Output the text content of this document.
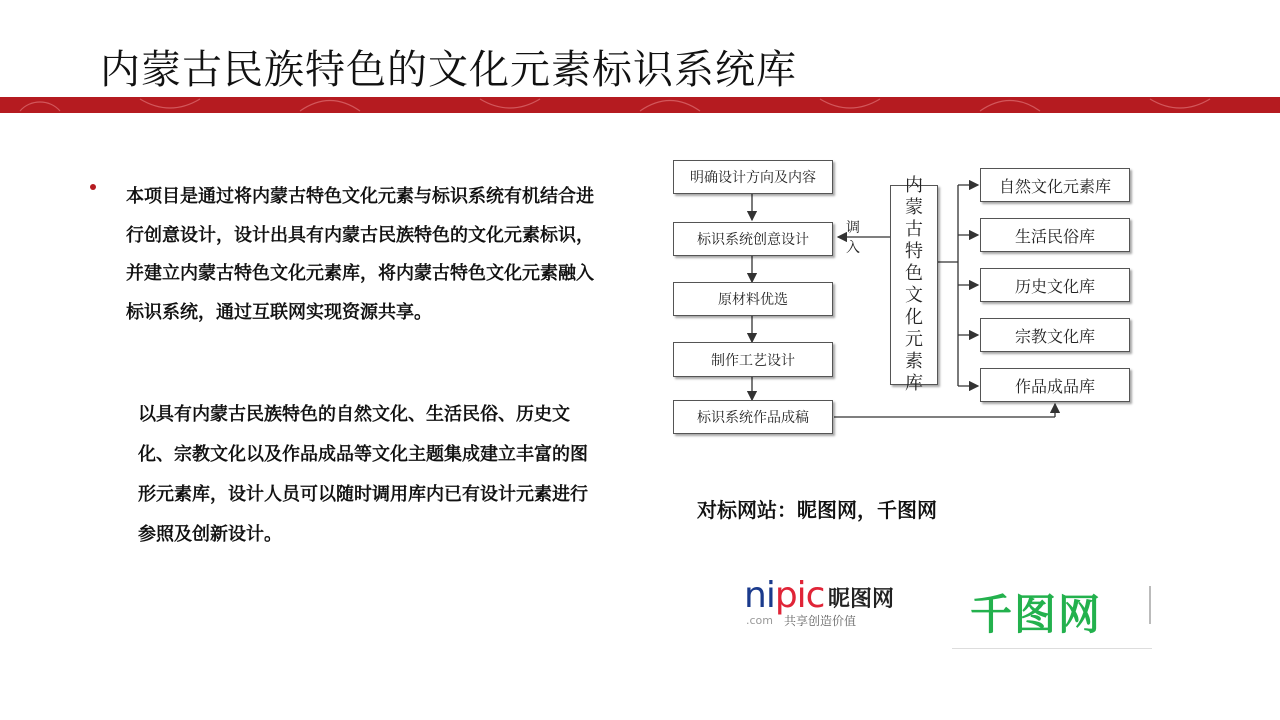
内蒙古民族特色的文化元素标识系统库

本项目是通过将内蒙古特色文化元素与标识系统有机结合进行创意设计，设计出具有内蒙古民族特色的文化元素标识，并建立内蒙古特色文化元素库，将内蒙古特色文化元素融入标识系统，通过互联网实现资源共享。

以具有内蒙古民族特色的自然文化、生活民俗、历史文化、宗教文化以及作品成品等文化主题集成建立丰富的图形元素库，设计人员可以随时调用库内已有设计元素进行参照及创新设计。

明确设计方向及内容
标识系统创意设计
原材料优选
制作工艺设计
标识系统作品成稿
调入
内蒙古特色文化元素库
自然文化元素库
生活民俗库
历史文化库
宗教文化库
作品成品库
对标网站：昵图网，千图网
nipic 昵图网
.com 共享创造价值	千图网
